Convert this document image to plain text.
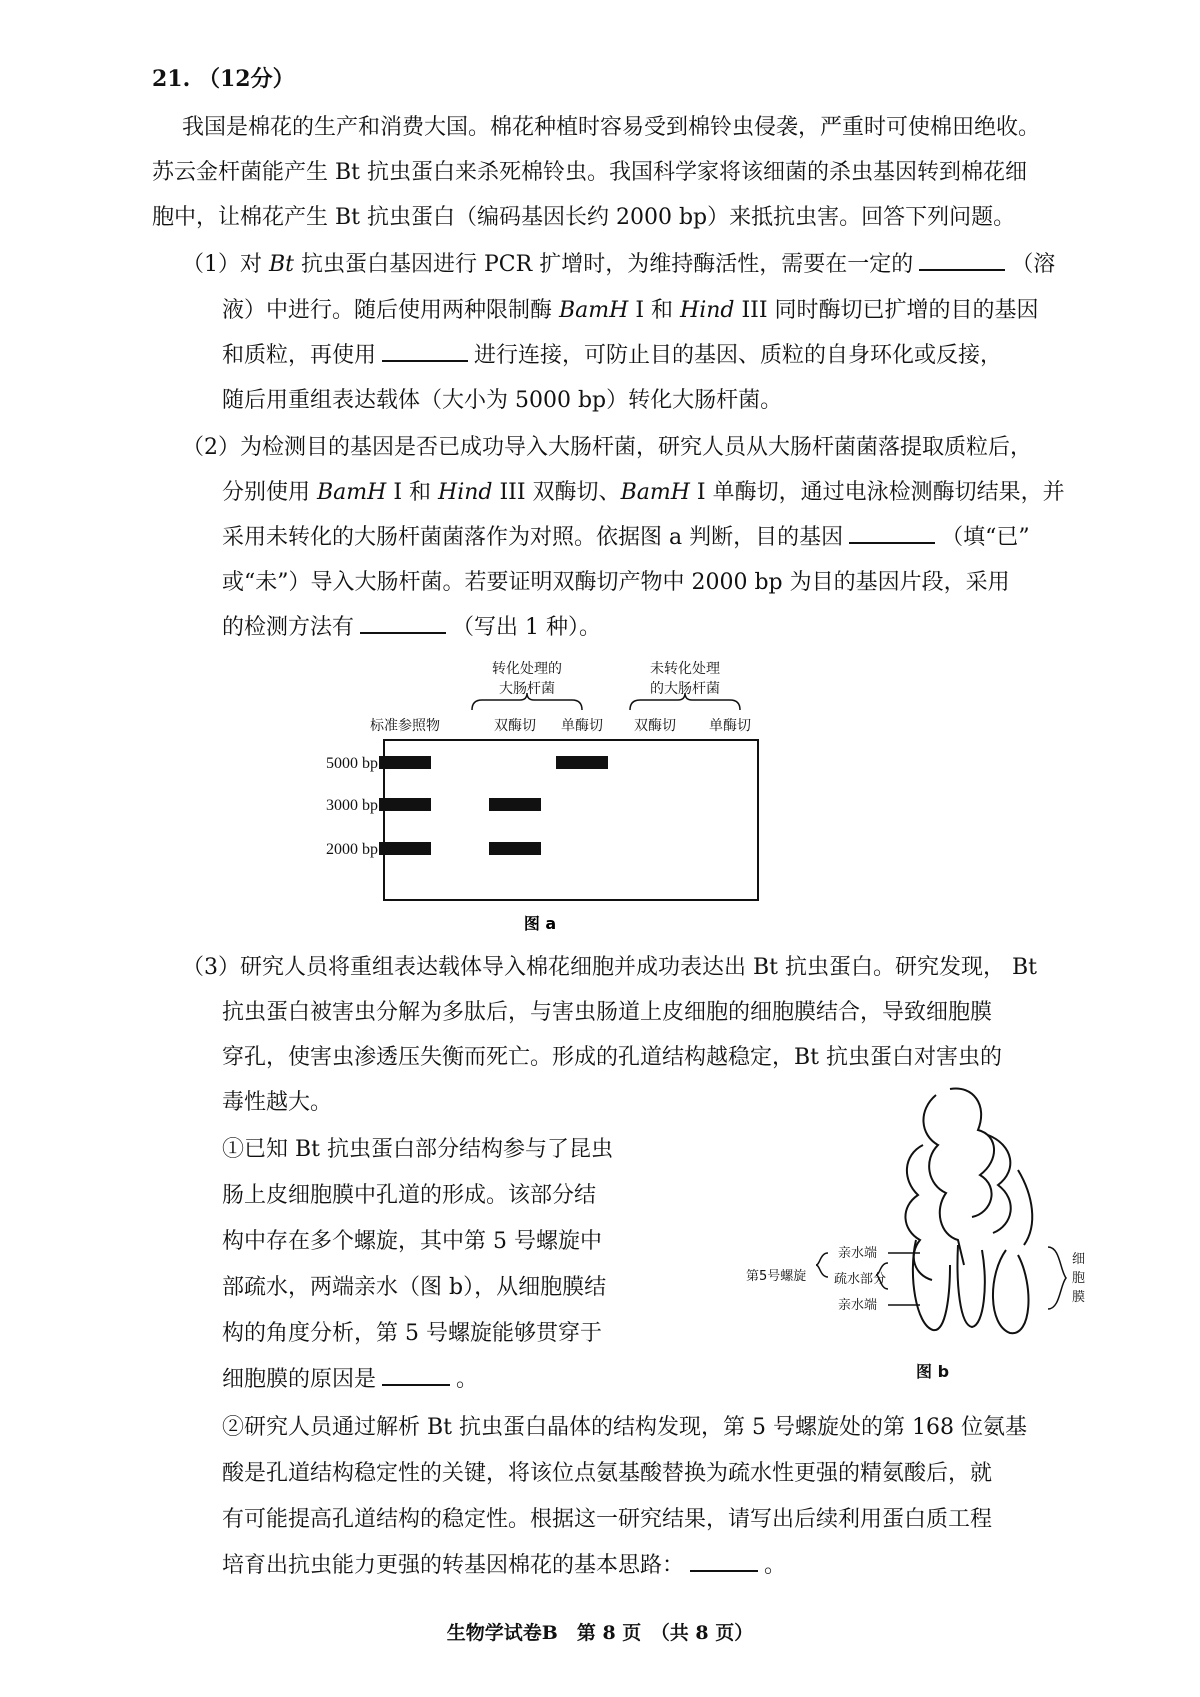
21. （12分）
我国是棉花的生产和消费大国。棉花种植时容易受到棉铃虫侵袭，严重时可使棉田绝收。
苏云金杆菌能产生 Bt 抗虫蛋白来杀死棉铃虫。我国科学家将该细菌的杀虫基因转到棉花细
胞中，让棉花产生 Bt 抗虫蛋白（编码基因长约 2000 bp）来抵抗虫害。回答下列问题。
（1）对 Bt 抗虫蛋白基因进行 PCR 扩增时，为维持酶活性，需要在一定的	（溶
液）中进行。随后使用两种限制酶 BamH I 和 Hind III 同时酶切已扩增的目的基因
和质粒，再使用	进行连接，可防止目的基因、质粒的自身环化或反接，
随后用重组表达载体（大小为 5000 bp）转化大肠杆菌。
（2）为检测目的基因是否已成功导入大肠杆菌，研究人员从大肠杆菌菌落提取质粒后，
分别使用 BamH I 和 Hind III 双酶切、BamH I 单酶切，通过电泳检测酶切结果，并
采用未转化的大肠杆菌菌落作为对照。依据图 a 判断，目的基因	（填“已”
或“未”）导入大肠杆菌。若要证明双酶切产物中 2000 bp 为目的基因片段，采用
的检测方法有	（写出 1 种）。
转化处理的
大肠杆菌
未转化处理
的大肠杆菌
标准参照物	双酶切 单酶切 双酶切 单酶切
5000 bp
3000 bp
2000 bp
图 a
（3）研究人员将重组表达载体导入棉花细胞并成功表达出 Bt 抗虫蛋白。研究发现， Bt
抗虫蛋白被害虫分解为多肽后，与害虫肠道上皮细胞的细胞膜结合，导致细胞膜
穿孔，使害虫渗透压失衡而死亡。形成的孔道结构越稳定，Bt 抗虫蛋白对害虫的
毒性越大。
①已知 Bt 抗虫蛋白部分结构参与了昆虫
肠上皮细胞膜中孔道的形成。该部分结
构中存在多个螺旋，其中第 5 号螺旋中
部疏水，两端亲水（图 b），从细胞膜结
构的角度分析，第 5 号螺旋能够贯穿于
细胞膜的原因是	。
第5号螺旋
亲水端
疏水部分
亲水端
细
胞
膜
图 b
②研究人员通过解析 Bt 抗虫蛋白晶体的结构发现，第 5 号螺旋处的第 168 位氨基
酸是孔道结构稳定性的关键，将该位点氨基酸替换为疏水性更强的精氨酸后，就
有可能提高孔道结构的稳定性。根据这一研究结果，请写出后续利用蛋白质工程
培育出抗虫能力更强的转基因棉花的基本思路：	。
生物学试卷B　第 8 页　（共 8 页）
